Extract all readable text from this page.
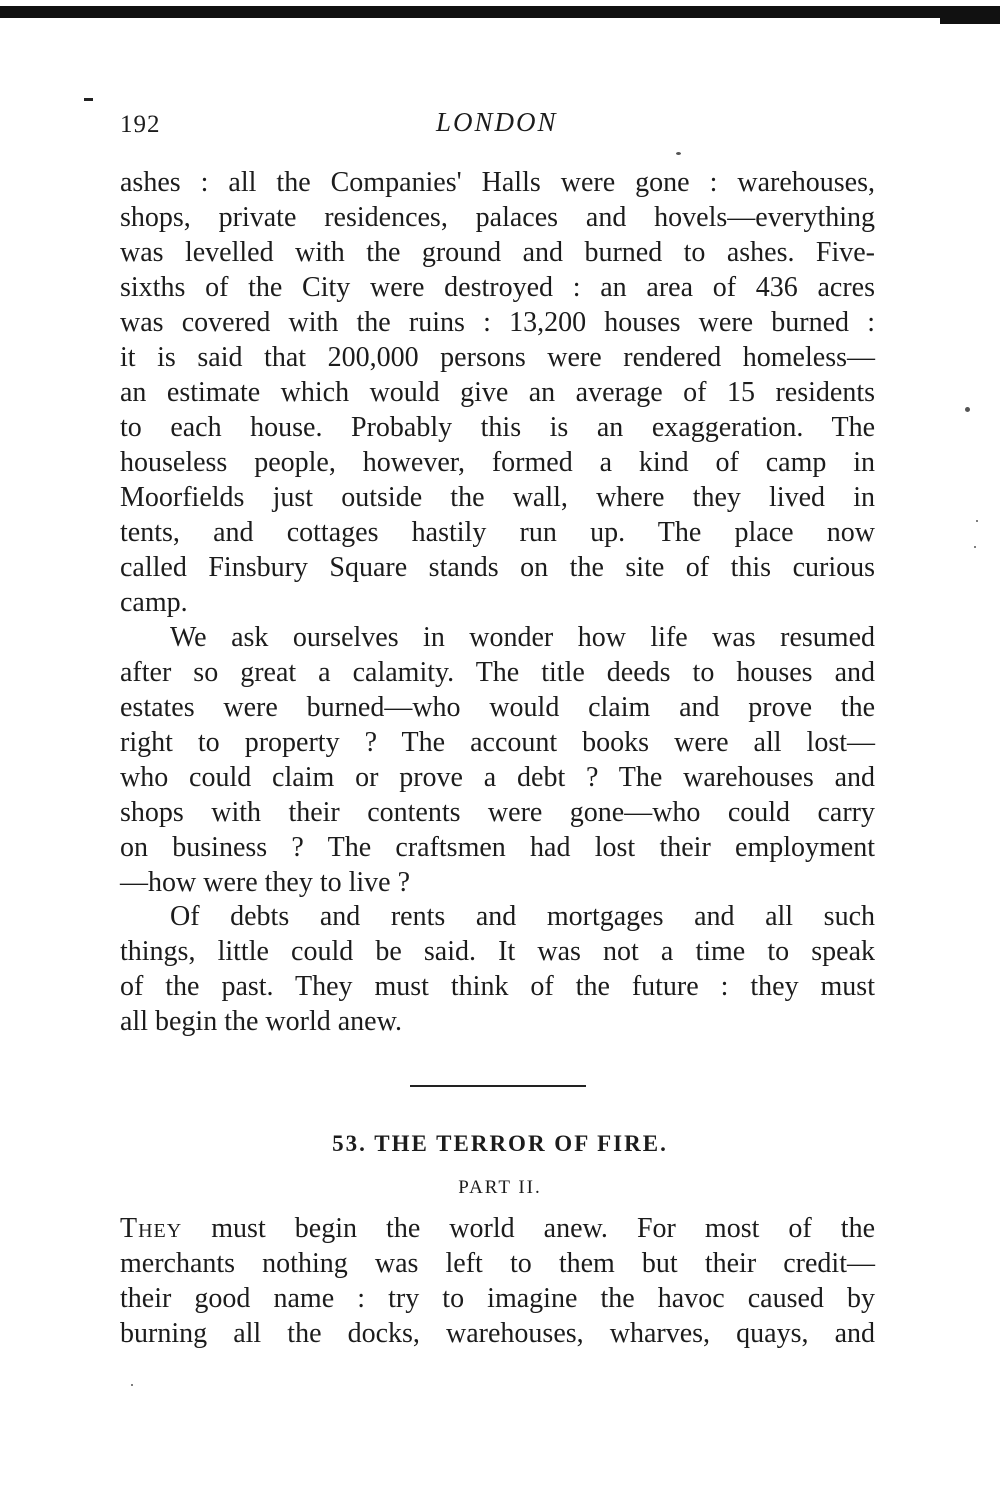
192	LONDON
ashes : all the Companies' Halls were gone : warehouses,
shops, private residences, palaces and hovels—everything
was levelled with the ground and burned to ashes. Five-
sixths of the City were destroyed : an area of 436 acres
was covered with the ruins : 13,200 houses were burned :
it is said that 200,000 persons were rendered homeless—
an estimate which would give an average of 15 residents
to each house. Probably this is an exaggeration. The
houseless people, however, formed a kind of camp in
Moorfields just outside the wall, where they lived in
tents, and cottages hastily run up. The place now
called Finsbury Square stands on the site of this curious
camp.
We ask ourselves in wonder how life was resumed
after so great a calamity. The title deeds to houses and
estates were burned—who would claim and prove the
right to property ? The account books were all lost—
who could claim or prove a debt ? The warehouses and
shops with their contents were gone—who could carry
on business ? The craftsmen had lost their employment
—how were they to live ?
Of debts and rents and mortgages and all such
things, little could be said. It was not a time to speak
of the past. They must think of the future : they must
all begin the world anew.
53. THE TERROR OF FIRE.
PART II.
They must begin the world anew. For most of the
merchants nothing was left to them but their credit—
their good name : try to imagine the havoc caused by
burning all the docks, warehouses, wharves, quays, and
